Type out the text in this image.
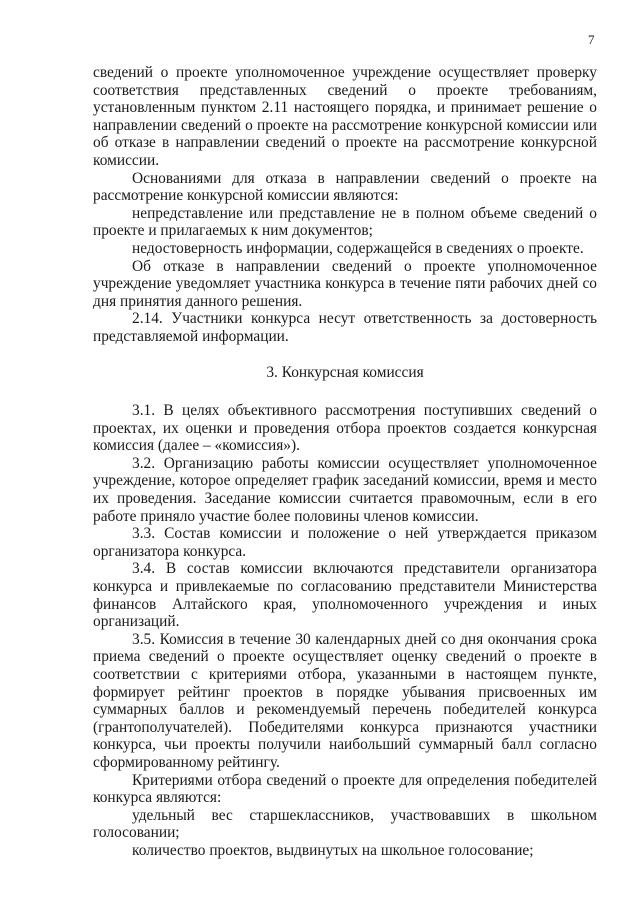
7

сведений о проекте уполномоченное учреждение осуществляет проверку соответствия представленных сведений о проекте требованиям, установленным пунктом 2.11 настоящего порядка, и принимает решение о направлении сведений о проекте на рассмотрение конкурсной комиссии или об отказе в направлении сведений о проекте на рассмотрение конкурсной комиссии.

Основаниями для отказа в направлении сведений о проекте на рассмотрение конкурсной комиссии являются:

непредставление или представление не в полном объеме сведений о проекте и прилагаемых к ним документов;

недостоверность информации, содержащейся в сведениях о проекте.

Об отказе в направлении сведений о проекте уполномоченное учреждение уведомляет участника конкурса в течение пяти рабочих дней со дня принятия данного решения.

2.14. Участники конкурса несут ответственность за достоверность представляемой информации.

3. Конкурсная комиссия

3.1. В целях объективного рассмотрения поступивших сведений о проектах, их оценки и проведения отбора проектов создается конкурсная комиссия (далее – «комиссия»).

3.2. Организацию работы комиссии осуществляет уполномоченное учреждение, которое определяет график заседаний комиссии, время и место их проведения. Заседание комиссии считается правомочным, если в его работе приняло участие более половины членов комиссии.

3.3. Состав комиссии и положение о ней утверждается приказом организатора конкурса.

3.4. В состав комиссии включаются представители организатора конкурса и привлекаемые по согласованию представители Министерства финансов Алтайского края, уполномоченного учреждения и иных организаций.

3.5. Комиссия в течение 30 календарных дней со дня окончания срока приема сведений о проекте осуществляет оценку сведений о проекте в соответствии с критериями отбора, указанными в настоящем пункте, формирует рейтинг проектов в порядке убывания присвоенных им суммарных баллов и рекомендуемый перечень победителей конкурса (грантополучателей). Победителями конкурса признаются участники конкурса, чьи проекты получили наибольший суммарный балл согласно сформированному рейтингу.

Критериями отбора сведений о проекте для определения победителей конкурса являются:

удельный вес старшеклассников, участвовавших в школьном голосовании;

количество проектов, выдвинутых на школьное голосование;
